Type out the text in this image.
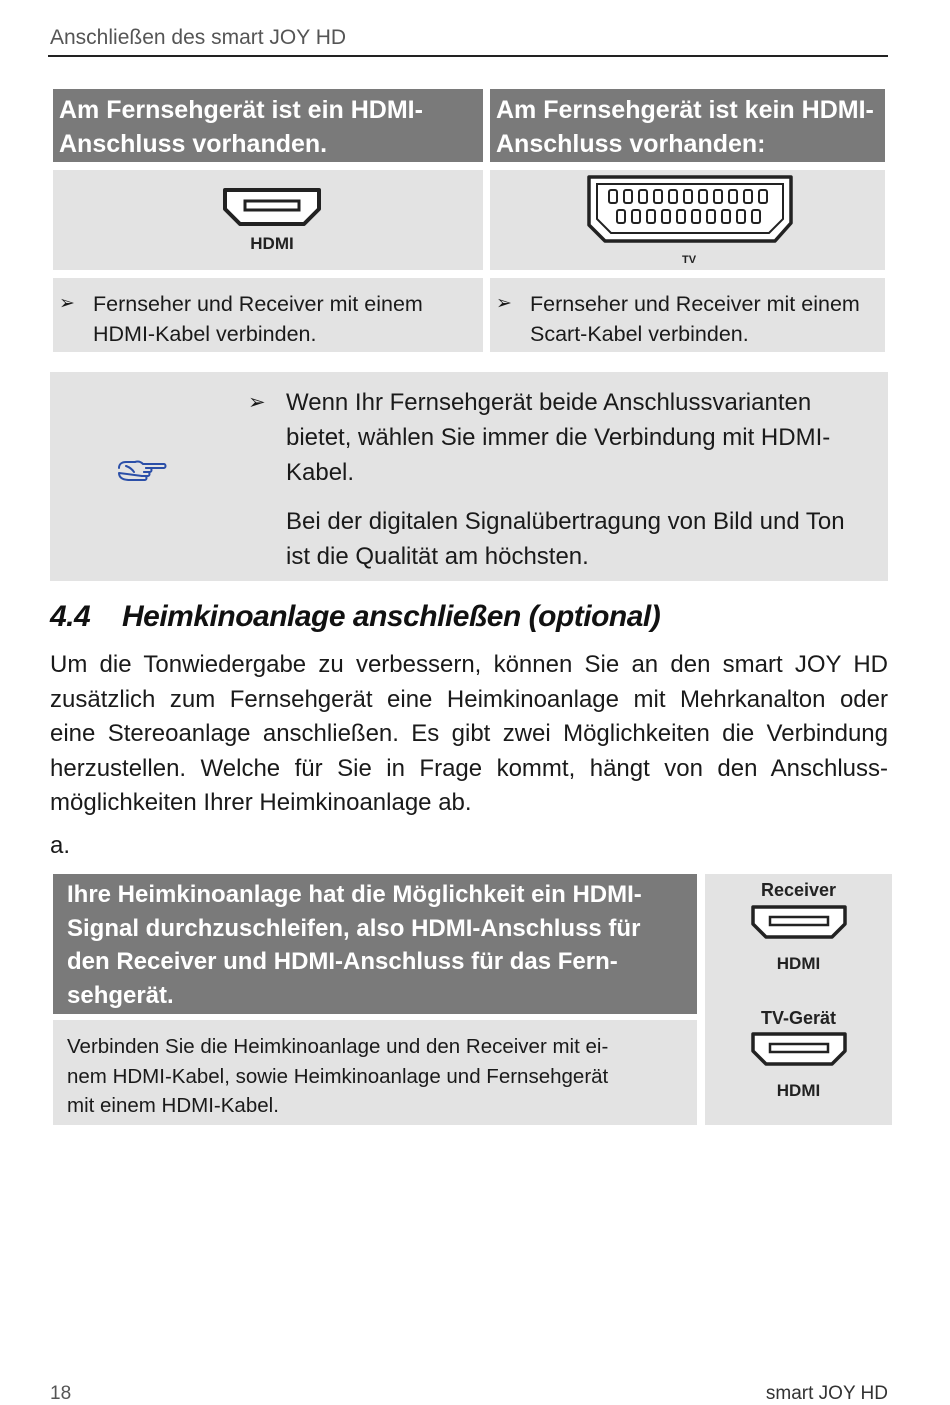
Anschließen des smart JOY HD
Am Fernsehgerät ist ein HDMI-
Anschluss vorhanden.
Am Fernsehgerät ist kein HDMI-
Anschluss vorhanden:
HDMI
TV
➢ Fernseher und Receiver mit einem
HDMI-Kabel verbinden.
➢ Fernseher und Receiver mit einem
Scart-Kabel verbinden.
➢ Wenn Ihr Fernsehgerät beide Anschlussvarianten
bietet, wählen Sie immer die Verbindung mit HDMI-
Kabel.
Bei der digitalen Signalübertragung von Bild und Ton
ist die Qualität am höchsten.
4.4 Heimkinoanlage anschließen (optional)
Um die Tonwiedergabe zu verbessern, können Sie an den smart JOY HD
zusätzlich zum Fernsehgerät eine Heimkinoanlage mit Mehrkanalton oder
eine Stereoanlage anschließen. Es gibt zwei Möglichkeiten die Verbindung
herzustellen. Welche für Sie in Frage kommt, hängt von den Anschluss-
möglichkeiten Ihrer Heimkinoanlage ab.
a.
Ihre Heimkinoanlage hat die Möglichkeit ein HDMI-
Signal durchzuschleifen, also HDMI-Anschluss für
den Receiver und HDMI-Anschluss für das Fern-
sehgerät.
Verbinden Sie die Heimkinoanlage und den Receiver mit ei-
nem HDMI-Kabel, sowie Heimkinoanlage und Fernsehgerät
mit einem HDMI-Kabel.
Receiver
HDMI
TV-Gerät
HDMI
18	smart JOY HD
